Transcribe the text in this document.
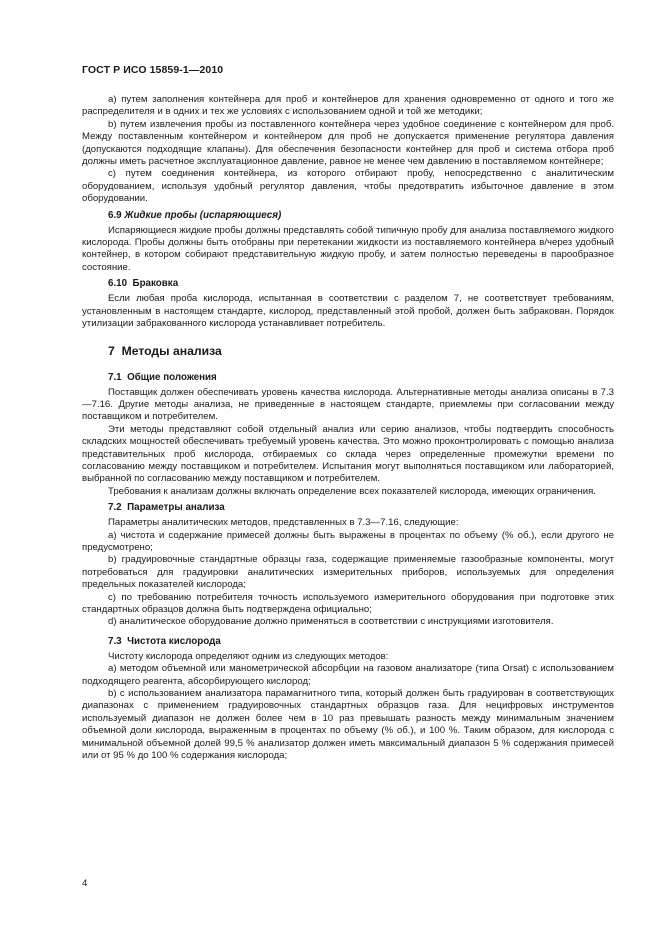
ГОСТ Р ИСО 15859-1—2010

а) путем заполнения контейнера для проб и контейнеров для хранения одновременно от одного и того же распределителя и в одних и тех же условиях с использованием одной и той же методики;

b) путем извлечения пробы из поставленного контейнера через удобное соединение с контейнером для проб. Между поставленным контейнером и контейнером для проб не допускается применение регулятора давления (допускаются подходящие клапаны). Для обеспечения безопасности контейнер для проб и система отбора проб должны иметь расчетное эксплуатационное давление, равное не менее чем давлению в поставляемом контейнере;

c) путем соединения контейнера, из которого отбирают пробу, непосредственно с аналитическим оборудованием, используя удобный регулятор давления, чтобы предотвратить избыточное давление в этом оборудовании.

6.9 Жидкие пробы (испаряющиеся)

Испаряющиеся жидкие пробы должны представлять собой типичную пробу для анализа поставляемого жидкого кислорода. Пробы должны быть отобраны при перетекании жидкости из поставляемого контейнера в/через удобный контейнер, в котором собирают представительную жидкую пробу, и затем полностью переведены в парообразное состояние.

6.10 Браковка

Если любая проба кислорода, испытанная в соответствии с разделом 7, не соответствует требованиям, установленным в настоящем стандарте, кислород, представленный этой пробой, должен быть забракован. Порядок утилизации забракованного кислорода устанавливает потребитель.

7 Методы анализа
7.1 Общие положения

Поставщик должен обеспечивать уровень качества кислорода. Альтернативные методы анализа описаны в 7.3—7.16. Другие методы анализа, не приведенные в настоящем стандарте, приемлемы при согласовании между поставщиком и потребителем.

Эти методы представляют собой отдельный анализ или серию анализов, чтобы подтвердить способность складских мощностей обеспечивать требуемый уровень качества. Это можно проконтролировать с помощью анализа представительных проб кислорода, отбираемых со склада через определенные промежутки времени по согласованию между поставщиком и потребителем. Испытания могут выполняться поставщиком или лабораторией, выбранной по согласованию между поставщиком и потребителем.

Требования к анализам должны включать определение всех показателей кислорода, имеющих ограничения.

7.2 Параметры анализа

Параметры аналитических методов, представленных в 7.3—7.16, следующие:

а) чистота и содержание примесей должны быть выражены в процентах по объему (% об.), если другого не предусмотрено;

b) градуировочные стандартные образцы газа, содержащие применяемые газообразные компоненты, могут потребоваться для градуировки аналитических измерительных приборов, используемых для определения предельных показателей кислорода;

c) по требованию потребителя точность используемого измерительного оборудования при подготовке этих стандартных образцов должна быть подтверждена официально;

d) аналитическое оборудование должно применяться в соответствии с инструкциями изготовителя.

7.3 Чистота кислорода

Чистоту кислорода определяют одним из следующих методов:

а) методом объемной или манометрической абсорбции на газовом анализаторе (типа Orsat) с использованием подходящего реагента, абсорбирующего кислород;

b) с использованием анализатора парамагнитного типа, который должен быть градуирован в соответствующих диапазонах с применением градуировочных стандартных образцов газа. Для нецифровых инструментов используемый диапазон не должен более чем в 10 раз превышать разность между минимальным значением объемной доли кислорода, выраженным в процентах по объему (% об.), и 100 %. Таким образом, для кислорода с минимальной объемной долей 99,5 % анализатор должен иметь максимальный диапазон 5 % содержания примесей или от 95 % до 100 % содержания кислорода;

4
